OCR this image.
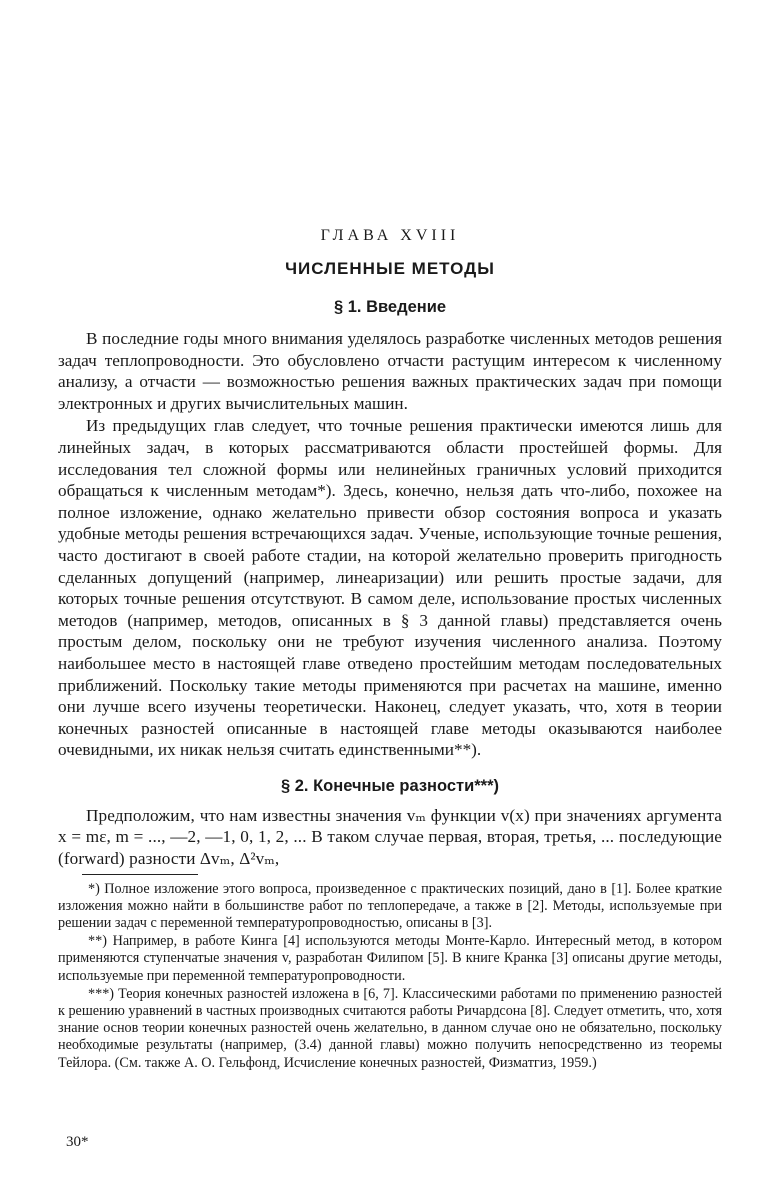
ГЛАВА XVIII
ЧИСЛЕННЫЕ МЕТОДЫ
§ 1. Введение

В последние годы много внимания уделялось разработке численных методов решения задач теплопроводности. Это обусловлено отчасти растущим интересом к численному анализу, а отчасти — возможностью решения важных практических задач при помощи электронных и других вычислительных машин.

Из предыдущих глав следует, что точные решения практически имеются лишь для линейных задач, в которых рассматриваются области простейшей формы. Для исследования тел сложной формы или нелинейных граничных условий приходится обращаться к численным методам*). Здесь, конечно, нельзя дать что-либо, похожее на полное изложение, однако желательно привести обзор состояния вопроса и указать удобные методы решения встречающихся задач. Ученые, использующие точные решения, часто достигают в своей работе стадии, на которой желательно проверить пригодность сделанных допущений (например, линеаризации) или решить простые задачи, для которых точные решения отсутствуют. В самом деле, использование простых численных методов (например, методов, описанных в § 3 данной главы) представляется очень простым делом, поскольку они не требуют изучения численного анализа. Поэтому наибольшее место в настоящей главе отведено простейшим методам последовательных приближений. Поскольку такие методы применяются при расчетах на машине, именно они лучше всего изучены теоретически. Наконец, следует указать, что, хотя в теории конечных разностей описанные в настоящей главе методы оказываются наиболее очевидными, их никак нельзя считать единственными**).

§ 2. Конечные разности***)

Предположим, что нам известны значения vₘ функции v(x) при значениях аргумента x = mε, m = ..., —2, —1, 0, 1, 2, ... В таком случае первая, вторая, третья, ... последующие (forward) разности Δvₘ, Δ²vₘ,

*) Полное изложение этого вопроса, произведенное с практических позиций, дано в [1]. Более краткие изложения можно найти в большинстве работ по теплопередаче, а также в [2]. Методы, используемые при решении задач с переменной температуропроводностью, описаны в [3].

**) Например, в работе Кинга [4] используются методы Монте-Карло. Интересный метод, в котором применяются ступенчатые значения v, разработан Филипом [5]. В книге Кранка [3] описаны другие методы, используемые при переменной температуропроводности.

***) Теория конечных разностей изложена в [6, 7]. Классическими работами по применению разностей к решению уравнений в частных производных считаются работы Ричардсона [8]. Следует отметить, что, хотя знание основ теории конечных разностей очень желательно, в данном случае оно не обязательно, поскольку необходимые результаты (например, (3.4) данной главы) можно получить непосредственно из теоремы Тейлора. (См. также А. О. Гельфонд, Исчисление конечных разностей, Физматгиз, 1959.)

30*
